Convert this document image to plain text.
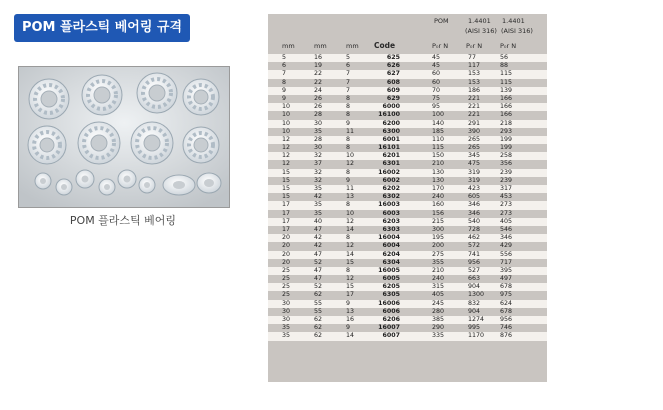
POM 플라스틱 베어링 규격
POM 플라스틱 베어링
POM	1.4401 1.4401
(AISI 316) (AISI 316)
mm	mm	mm Code	P₀r N	P₀r N	P₀r N
5	16	5	625	45	77	56
6	19	6	626	45	117	88
7	22	7	627	60	153	115
8	22	7	608	60	153	115
9	24	7	609	70	186	139
9	26	8	629	75	221	166
10	26	8	6000	95	221	166
10	28	8	16100	100	221	166
10	30	9	6200	140	291	218
10	35	11	6300	185	390	293
12	28	8	6001	110	265	199
12	30	8	16101	115	265	199
12	32	10	6201	150	345	258
12	37	12	6301	210	475	356
15	32	8	16002	130	319	239
15	32	9	6002	130	319	239
15	35	11	6202	170	423	317
15	42	13	6302	240	605	453
17	35	8	16003	160	346	273
17	35	10	6003	156	346	273
17	40	12	6203	215	540	405
17	47	14	6303	300	728	546
20	42	8	16004	195	462	346
20	42	12	6004	200	572	429
20	47	14	6204	275	741	556
20	52	15	6304	355	956	717
25	47	8	16005	210	527	395
25	47	12	6005	240	663	497
25	52	15	6205	315	904	678
25	62	17	6305	405	1300	975
30	55	9	16006	245	832	624
30	55	13	6006	280	904	678
30	62	16	6206	385	1274	956
35	62	9	16007	290	995	746
35	62	14	6007	335	1170	876
